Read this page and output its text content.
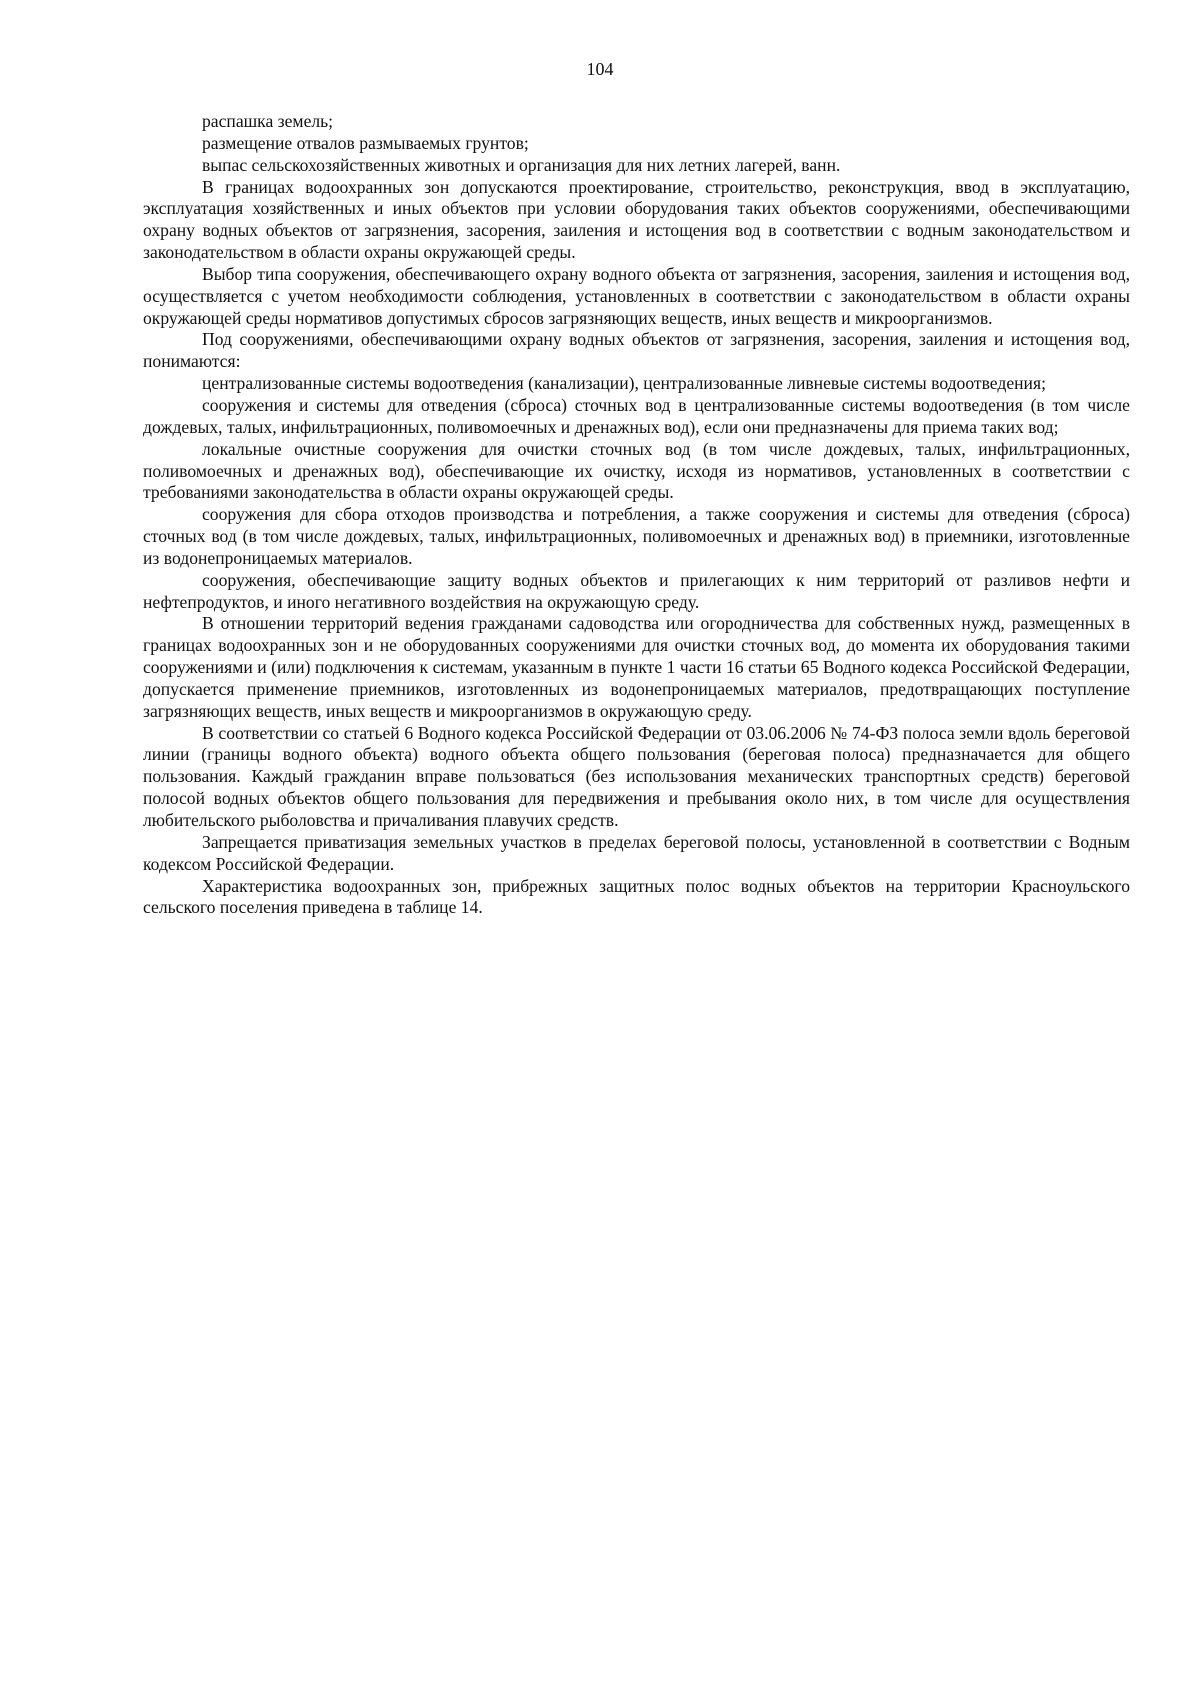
104

распашка земель;

размещение отвалов размываемых грунтов;

выпас сельскохозяйственных животных и организация для них летних лагерей, ванн.

В границах водоохранных зон допускаются проектирование, строительство, реконструкция, ввод в эксплуатацию, эксплуатация хозяйственных и иных объектов при условии оборудования таких объектов сооружениями, обеспечивающими охрану водных объектов от загрязнения, засорения, заиления и истощения вод в соответствии с водным законодательством и законодательством в области охраны окружающей среды.

Выбор типа сооружения, обеспечивающего охрану водного объекта от загрязнения, засорения, заиления и истощения вод, осуществляется с учетом необходимости соблюдения, установленных в соответствии с законодательством в области охраны окружающей среды нормативов допустимых сбросов загрязняющих веществ, иных веществ и микроорганизмов.

Под сооружениями, обеспечивающими охрану водных объектов от загрязнения, засорения, заиления и истощения вод, понимаются:

централизованные системы водоотведения (канализации), централизованные ливневые системы водоотведения;

сооружения и системы для отведения (сброса) сточных вод в централизованные системы водоотведения (в том числе дождевых, талых, инфильтрационных, поливомоечных и дренажных вод), если они предназначены для приема таких вод;

локальные очистные сооружения для очистки сточных вод (в том числе дождевых, талых, инфильтрационных, поливомоечных и дренажных вод), обеспечивающие их очистку, исходя из нормативов, установленных в соответствии с требованиями законодательства в области охраны окружающей среды.

сооружения для сбора отходов производства и потребления, а также сооружения и системы для отведения (сброса) сточных вод (в том числе дождевых, талых, инфильтрационных, поливомоечных и дренажных вод) в приемники, изготовленные из водонепроницаемых материалов.

сооружения, обеспечивающие защиту водных объектов и прилегающих к ним территорий от разливов нефти и нефтепродуктов, и иного негативного воздействия на окружающую среду.

В отношении территорий ведения гражданами садоводства или огородничества для собственных нужд, размещенных в границах водоохранных зон и не оборудованных сооружениями для очистки сточных вод, до момента их оборудования такими сооружениями и (или) подключения к системам, указанным в пункте 1 части 16 статьи 65 Водного кодекса Российской Федерации, допускается применение приемников, изготовленных из водонепроницаемых материалов, предотвращающих поступление загрязняющих веществ, иных веществ и микроорганизмов в окружающую среду.

В соответствии со статьей 6 Водного кодекса Российской Федерации от 03.06.2006 № 74-ФЗ полоса земли вдоль береговой линии (границы водного объекта) водного объекта общего пользования (береговая полоса) предназначается для общего пользования. Каждый гражданин вправе пользоваться (без использования механических транспортных средств) береговой полосой водных объектов общего пользования для передвижения и пребывания около них, в том числе для осуществления любительского рыболовства и причаливания плавучих средств.

Запрещается приватизация земельных участков в пределах береговой полосы, установленной в соответствии с Водным кодексом Российской Федерации.

Характеристика водоохранных зон, прибрежных защитных полос водных объектов на территории Красноульского сельского поселения приведена в таблице 14.
